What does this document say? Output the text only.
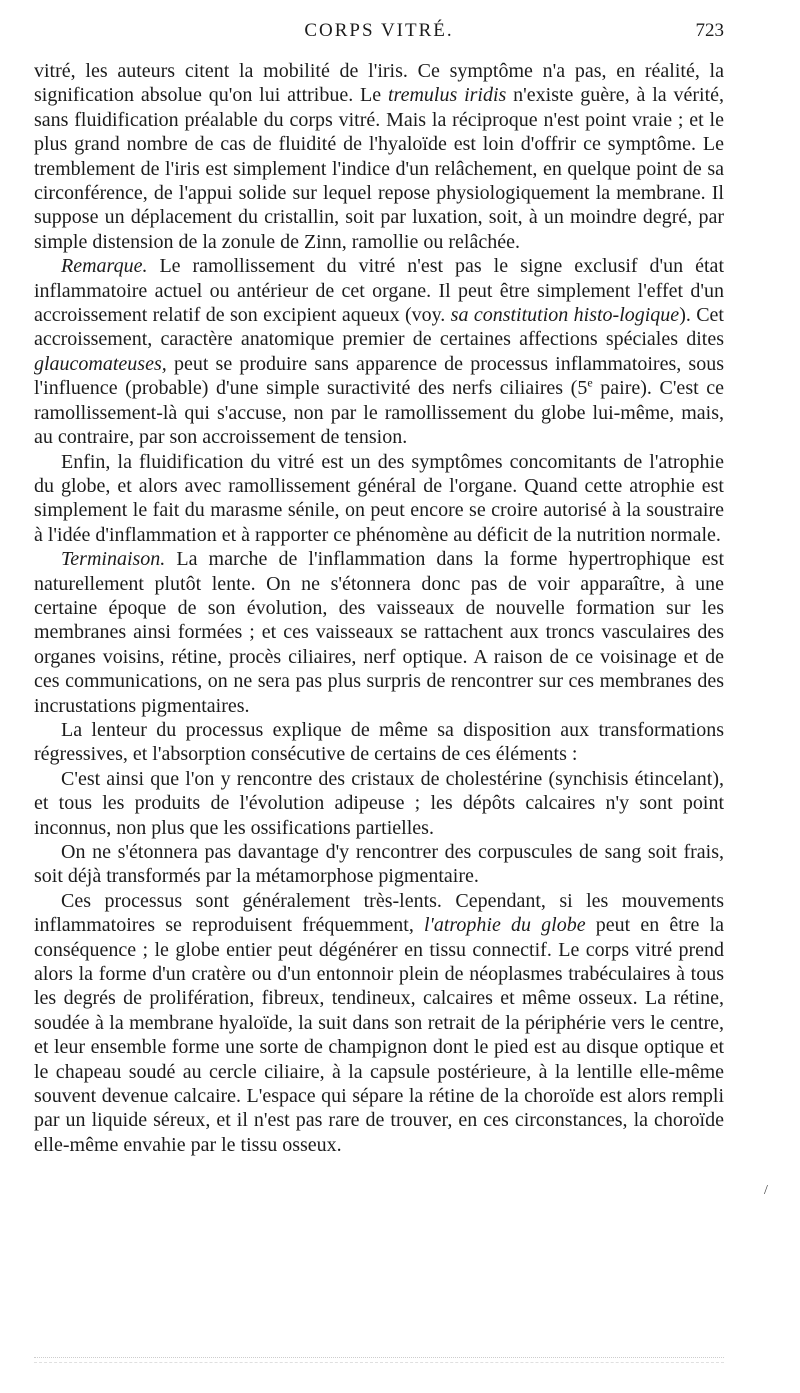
CORPS VITRÉ.	723

vitré, les auteurs citent la mobilité de l'iris. Ce symptôme n'a pas, en réalité, la signification absolue qu'on lui attribue. Le tremulus iridis n'existe guère, à la vérité, sans fluidification préalable du corps vitré. Mais la réciproque n'est point vraie ; et le plus grand nombre de cas de fluidité de l'hyaloïde est loin d'offrir ce symptôme. Le tremblement de l'iris est simplement l'indice d'un relâchement, en quelque point de sa circonférence, de l'appui solide sur lequel repose physiologiquement la membrane. Il suppose un déplacement du cristallin, soit par luxation, soit, à un moindre degré, par simple distension de la zonule de Zinn, ramollie ou relâchée.

Remarque. Le ramollissement du vitré n'est pas le signe exclusif d'un état inflammatoire actuel ou antérieur de cet organe. Il peut être simplement l'effet d'un accroissement relatif de son excipient aqueux (voy. sa constitution histo-logique). Cet accroissement, caractère anatomique premier de certaines affections spéciales dites glaucomateuses, peut se produire sans apparence de processus inflammatoires, sous l'influence (probable) d'une simple suractivité des nerfs ciliaires (5e paire). C'est ce ramollissement-là qui s'accuse, non par le ramollissement du globe lui-même, mais, au contraire, par son accroissement de tension.

Enfin, la fluidification du vitré est un des symptômes concomitants de l'atrophie du globe, et alors avec ramollissement général de l'organe. Quand cette atrophie est simplement le fait du marasme sénile, on peut encore se croire autorisé à la soustraire à l'idée d'inflammation et à rapporter ce phénomène au déficit de la nutrition normale.

Terminaison. La marche de l'inflammation dans la forme hypertrophique est naturellement plutôt lente. On ne s'étonnera donc pas de voir apparaître, à une certaine époque de son évolution, des vaisseaux de nouvelle formation sur les membranes ainsi formées ; et ces vaisseaux se rattachent aux troncs vasculaires des organes voisins, rétine, procès ciliaires, nerf optique. A raison de ce voisinage et de ces communications, on ne sera pas plus surpris de rencontrer sur ces membranes des incrustations pigmentaires.

La lenteur du processus explique de même sa disposition aux transformations régressives, et l'absorption consécutive de certains de ces éléments :

C'est ainsi que l'on y rencontre des cristaux de cholestérine (synchisis étincelant), et tous les produits de l'évolution adipeuse ; les dépôts calcaires n'y sont point inconnus, non plus que les ossifications partielles.

On ne s'étonnera pas davantage d'y rencontrer des corpuscules de sang soit frais, soit déjà transformés par la métamorphose pigmentaire.

Ces processus sont généralement très-lents. Cependant, si les mouvements inflammatoires se reproduisent fréquemment, l'atrophie du globe peut en être la conséquence ; le globe entier peut dégénérer en tissu connectif. Le corps vitré prend alors la forme d'un cratère ou d'un entonnoir plein de néoplasmes trabéculaires à tous les degrés de prolifération, fibreux, tendineux, calcaires et même osseux. La rétine, soudée à la membrane hyaloïde, la suit dans son retrait de la périphérie vers le centre, et leur ensemble forme une sorte de champignon dont le pied est au disque optique et le chapeau soudé au cercle ciliaire, à la capsule postérieure, à la lentille elle-même souvent devenue calcaire. L'espace qui sépare la rétine de la choroïde est alors rempli par un liquide séreux, et il n'est pas rare de trouver, en ces circonstances, la choroïde elle-même envahie par le tissu osseux.

/
